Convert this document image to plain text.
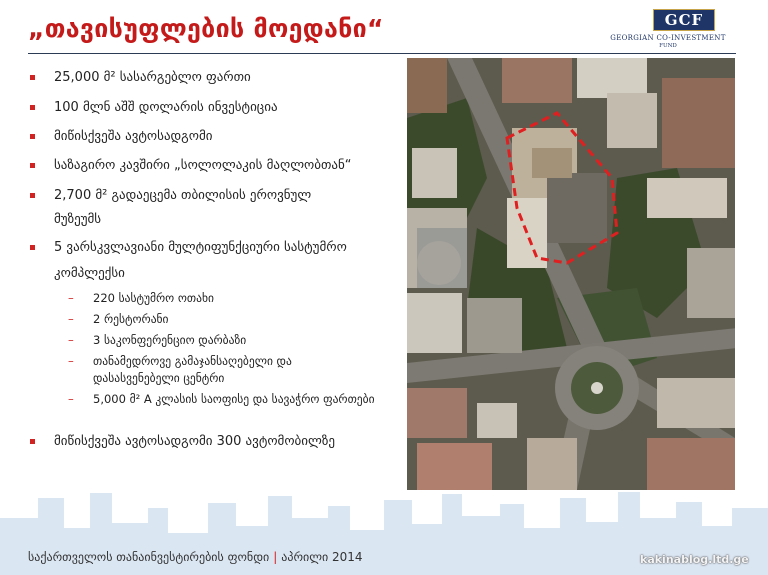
„თავისუფლების მოედანი“	GCF
GEORGIAN CO-INVESTMENT
FUND
25,000 მ² სასარგებლო ფართი
100 მლნ აშშ დოლარის ინვესტიცია
მიწისქვეშა ავტოსადგომი
საზაგირო კავშირი „სოლოლაკის მაღლობთან“
2,700 მ² გადაეცემა თბილისის ეროვნულ
მუზეუმს
5 ვარსკვლავიანი მულტიფუნქციური სასტუმრო
კომპლექსი
– 220 სასტუმრო ოთახი
– 2 რესტორანი
– 3 საკონფერენციო დარბაზი
– თანამედროვე გამაჯანსაღებელი და
დასასვენებელი ცენტრი
– 5,000 მ² A კლასის საოფისე და სავაჭრო ფართები
მიწისქვეშა ავტოსადგომი 300 ავტომობილზე
საქართველოს თანაინვესტირების ფონდი | აპრილი 2014	kakinablog.ltd.ge
